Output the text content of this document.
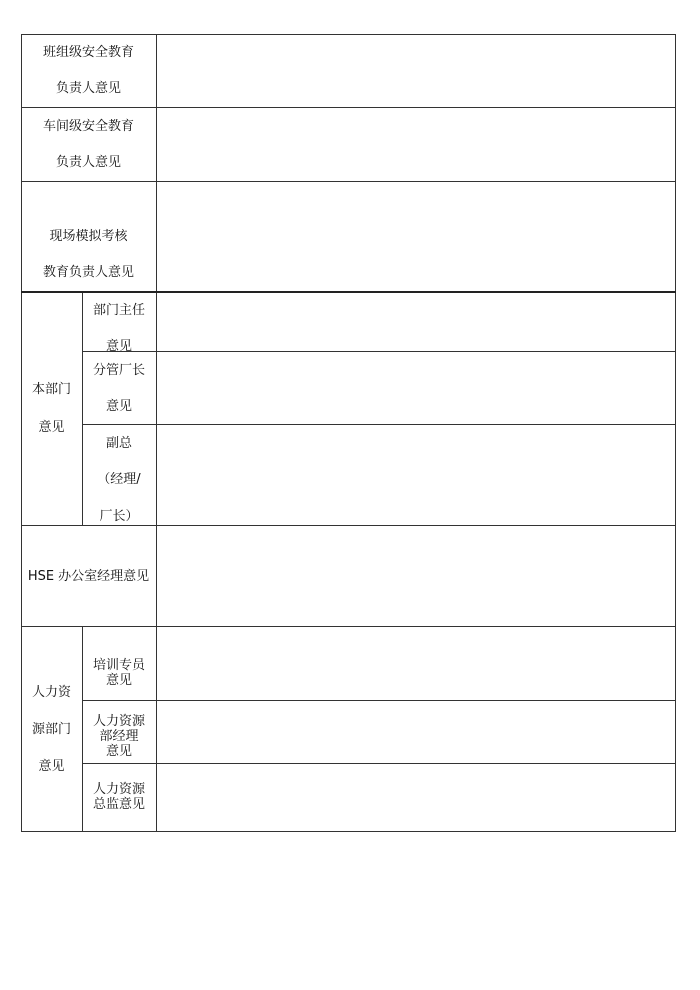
班组级安全教育
负责人意见
车间级安全教育
负责人意见
现场模拟考核
教育负责人意见
本部门
意见
部门主任
意见
分管厂长
意见
副总
（经理/
厂长）
HSE 办公室经理意见
人力资
源部门
意见
培训专员
意见
人力资源
部经理
意见
人力资源
总监意见
